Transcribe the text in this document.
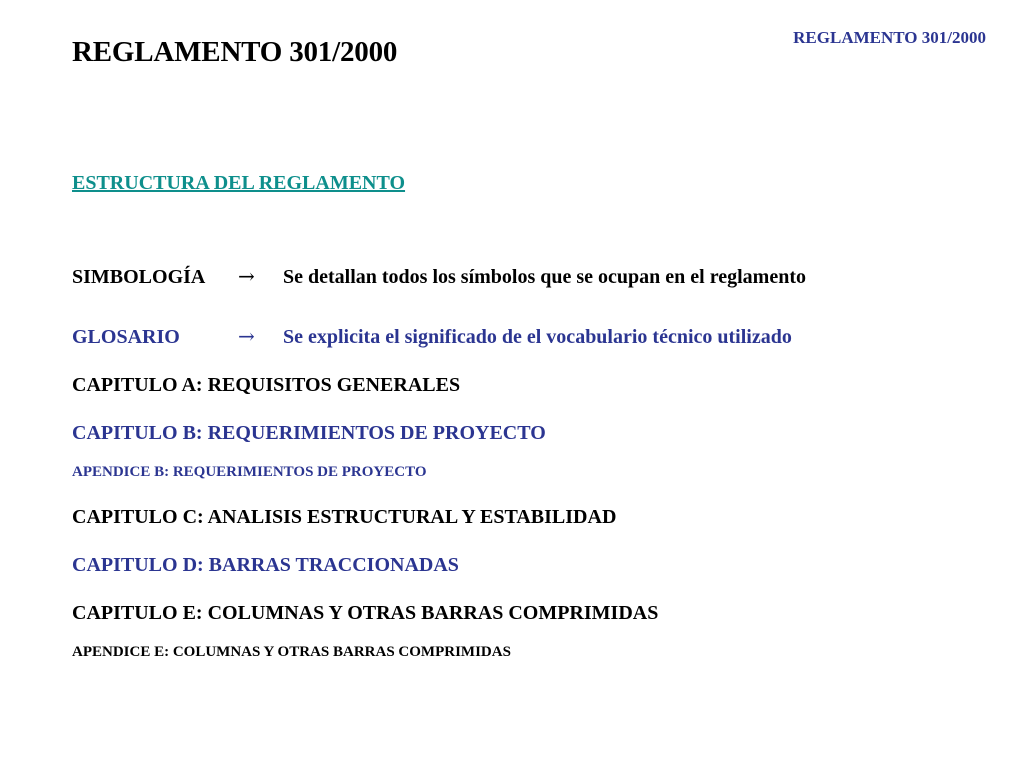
REGLAMENTO 301/2000
REGLAMENTO 301/2000
ESTRUCTURA DEL REGLAMENTO
SIMBOLOGÍA → Se detallan todos los símbolos que se ocupan en el reglamento
GLOSARIO	→ Se explicita el significado de el vocabulario técnico utilizado
CAPITULO A: REQUISITOS GENERALES
CAPITULO B: REQUERIMIENTOS DE PROYECTO
APENDICE B: REQUERIMIENTOS DE PROYECTO
CAPITULO C: ANALISIS ESTRUCTURAL Y ESTABILIDAD
CAPITULO D: BARRAS TRACCIONADAS
CAPITULO E: COLUMNAS Y OTRAS BARRAS COMPRIMIDAS
APENDICE E: COLUMNAS Y OTRAS BARRAS COMPRIMIDAS
